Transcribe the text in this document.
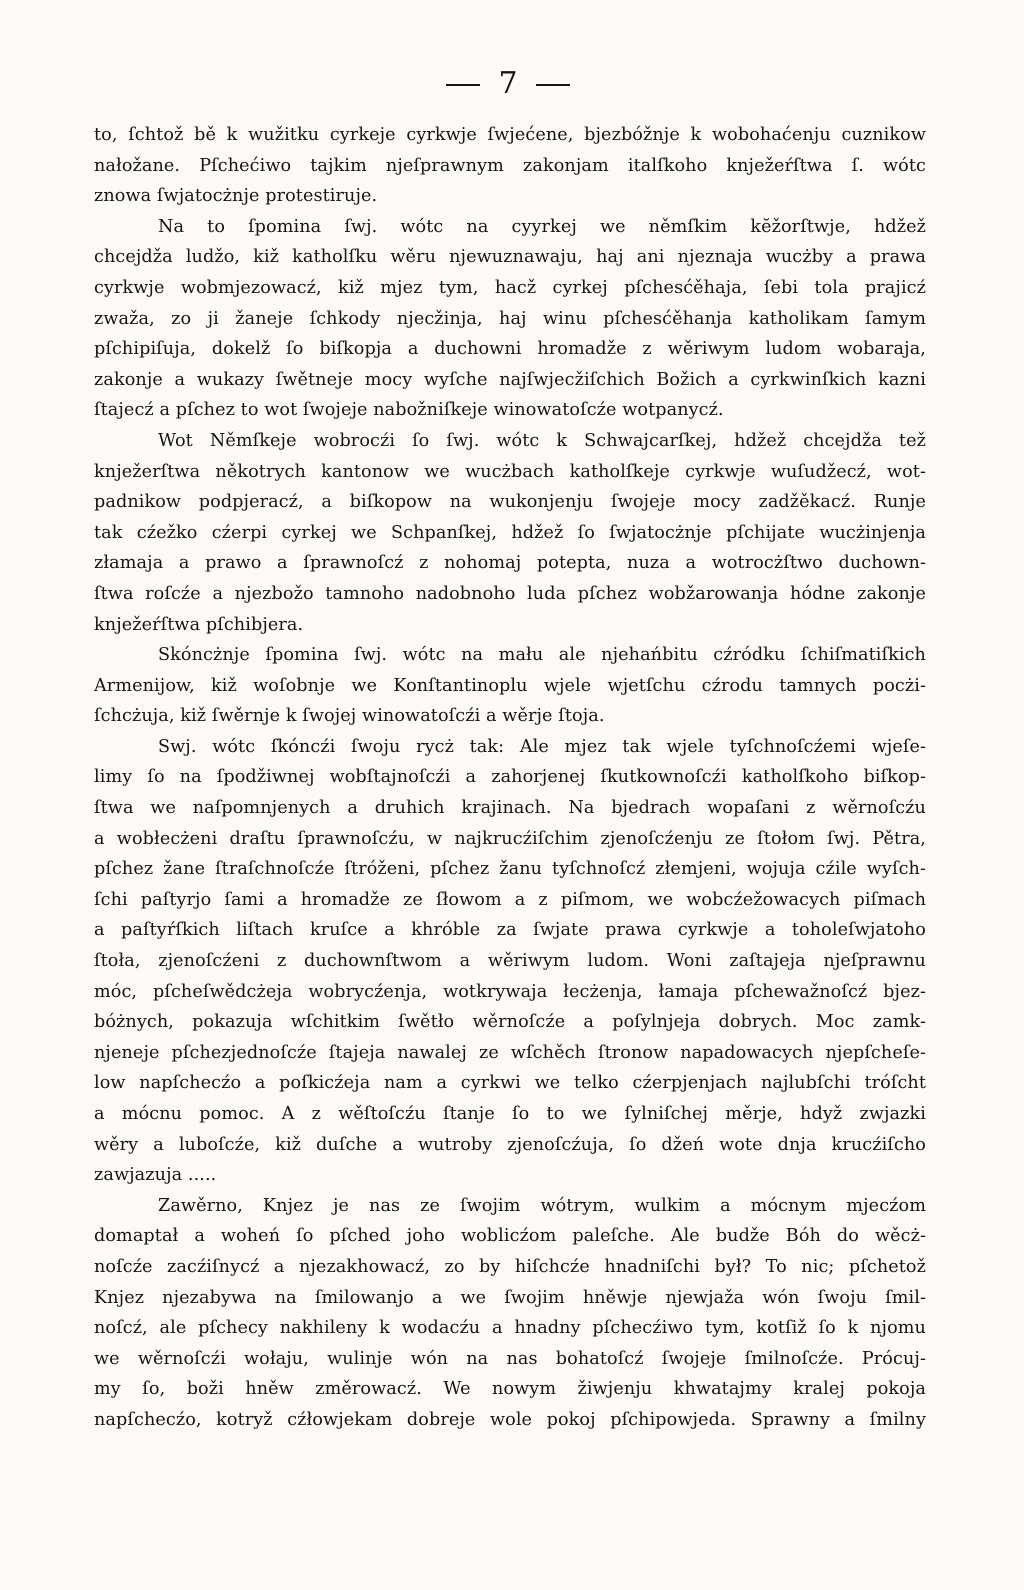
7
to, ſchtož bě k wužitku cyrkeje cyrkwje ſwjećene, bjezbóžnje k wobohaćenju cuznikow
nałožane. Pſchećiwo tajkim njeſprawnym zakonjam italſkoho knježeŕſtwa ſ. wótc
znowa ſwjatocżnje protestiruje.
Na to ſpomina ſwj. wótc na cyyrkej we němſkim kĕžorſtwje, hdžež
chcejdža ludžo, kiž katholſku wěru njewuznawaju, haj ani njeznaja wucżby a prawa
cyrkwje wobmjezowacź, kiž mjez tym, hacž cyrkej pſchesćěhaja, ſebi tola prajicź
zwaža, zo ji žaneje ſchkody njecžinja, haj winu pſchesćěhanja katholikam ſamym
pſchipiſuja, dokelž ſo biſkopja a duchowni hromadže z wěriwym ludom wobaraja,
zakonje a wukazy ſwětneje mocy wyſche najſwjecžiſchich Božich a cyrkwinſkich kazni
ſtajecź a pſchez to wot ſwojeje nabožniſkeje winowatoſcźe wotpanycź.
Wot Němſkeje wobrocźi ſo ſwj. wótc k Schwajcarſkej, hdžež chcejdža tež
knježerſtwa někotrych kantonow we wucżbach katholſkeje cyrkwje wuſudžecź, wot-
padnikow podpjeracź, a biſkopow na wukonjenju ſwojeje mocy zadžěkacź. Runje
tak cźežko cźerpi cyrkej we Schpanſkej, hdžež ſo ſwjatocżnje pſchijate wucżinjenja
złamaja a prawo a ſprawnoſcź z nohomaj potepta, nuza a wotrocżſtwo duchown-
ſtwa roſcźe a njezbožo tamnoho nadobnoho luda pſchez wobžarowanja hódne zakonje
knježeŕſtwa pſchibjera.
Skóncżnje ſpomina ſwj. wótc na mału ale njehańbitu cźródku ſchiſmatiſkich
Armenijow, kiž woſobnje we Konſtantinoplu wjele wjetſchu cźrodu tamnych pocżi-
ſchcżuja, kiž ſwěrnje k ſwojej winowatoſcźi a wěrje ſtoja.
Swj. wótc ſkóncźi ſwoju rycż tak: Ale mjez tak wjele tyſchnoſcźemi wjeſe-
limy ſo na ſpodžiwnej wobſtajnoſcźi a zahorjenej ſkutkownoſcźi katholſkoho biſkop-
ſtwa we naſpomnjenych a druhich krajinach. Na bjedrach wopaſani z wěrnoſcźu
a wobłecżeni draſtu ſprawnoſcźu, w najkrucźiſchim zjenoſcźenju ze ſtołom ſwj. Pětra,
pſchez žane ſtraſchnoſcźe ſtróženi, pſchez žanu tyſchnoſcź złemjeni, wojuja cźile wyſch-
ſchi paſtyrjo ſami a hromadže ze ſłowom a z piſmom, we wobcźežowacych piſmach
a paſtyŕſkich liſtach kruſce a khróble za ſwjate prawa cyrkwje a toholeſwjatoho
ſtoła, zjenoſcźeni z duchownſtwom a wěriwym ludom. Woni zaſtajeja njeſprawnu
móc, pſcheſwědcżeja wobrycźenja, wotkrywaja łecżenja, łamaja pſchewažnoſcź bjez-
bóżnych, pokazuja wſchitkim ſwětło wěrnoſcźe a poſylnjeja dobrych. Moc zamk-
njeneje pſchezjednoſcźe ſtajeja nawalej ze wſchěch ſtronow napadowacych njepſcheſe-
low napſchecźo a poſkicźeja nam a cyrkwi we telko cźerpjenjach najlubſchi tróſcht
a mócnu pomoc. A z wěſtoſcźu ſtanje ſo to we ſylniſchej měrje, hdyž zwjazki
wěry a luboſcźe, kiž duſche a wutroby zjenoſcźuja, ſo džeń wote dnja krucźiſcho
zawjazuja .....
Zawěrno, Knjez je nas ze ſwojim wótrym, wulkim a mócnym mjecźom
domaptał a woheń ſo pſched joho woblicźom paleſche. Ale budže Bóh do wěcż-
noſcźe zacźiſnycź a njezakhowacź, zo by hiſchcźe hnadniſchi był? To nic; pſchetož
Knjez njezabywa na ſmilowanjo a we ſwojim hněwje njewjaža wón ſwoju ſmil-
noſcź, ale pſchecy nakhileny k wodacźu a hnadny pſchecźiwo tym, kotſiž ſo k njomu
we wěrnoſcźi wołaju, wulinje wón na nas bohatoſcź ſwojeje ſmilnoſcźe. Prócuj-
my ſo, boži hněw změrowacź. We nowym žiwjenju khwatajmy kralej pokoja
napſchecźo, kotryž cźłowjekam dobreje wole pokoj pſchipowjeda. Sprawny a ſmilny
